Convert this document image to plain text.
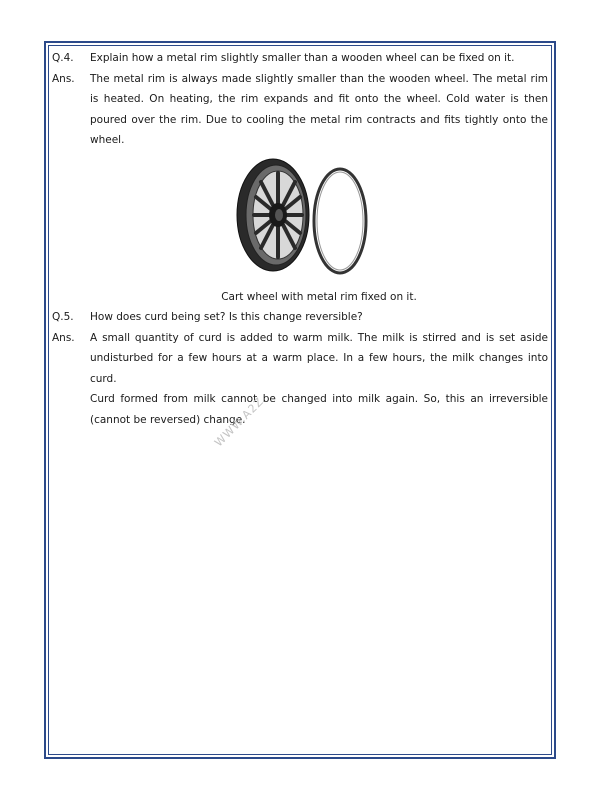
Q.4.	Explain how a metal rim slightly smaller than a wooden wheel can be fixed on it.
Ans.	The metal rim is always made slightly smaller than the wooden wheel. The metal rim is heated. On heating, the rim expands and fit onto the wheel. Cold water is then poured over the rim. Due to cooling the metal rim contracts and fits tightly onto the wheel.
Cart wheel with metal rim fixed on it.
Q.5.	How does curd being set? Is this change reversible?
Ans.	A small quantity of curd is added to warm milk. The milk is stirred and is set aside undisturbed for a few hours at a warm place. In a few hours, the milk changes into curd.
Curd formed from milk cannot be changed into milk again. So, this an irreversible (cannot be reversed) change.
WWW.A2Z
